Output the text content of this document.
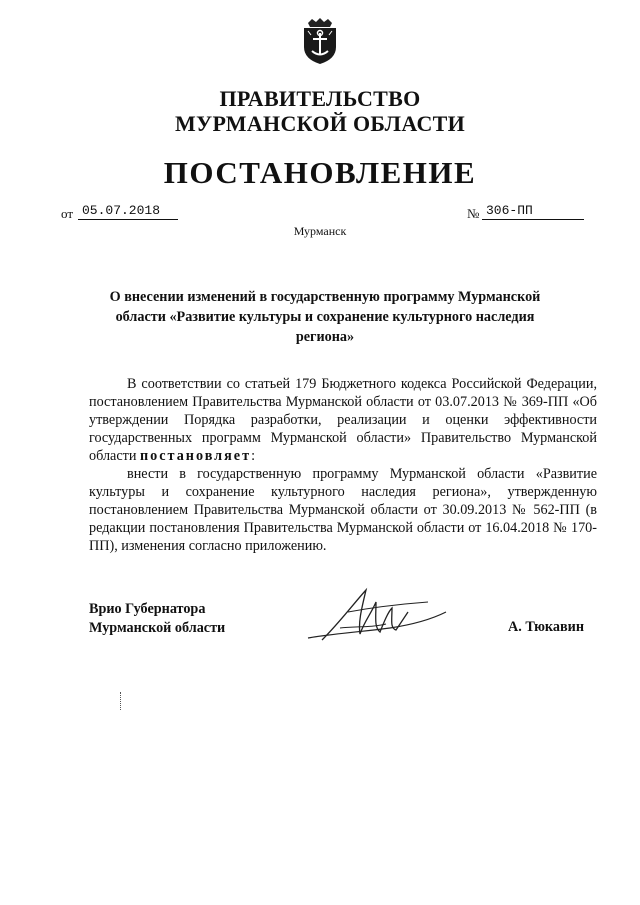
ПРАВИТЕЛЬСТВО
МУРМАНСКОЙ ОБЛАСТИ
ПОСТАНОВЛЕНИЕ
от 05.07.2018	№ 306-ПП
Мурманск
О внесении изменений в государственную программу Мурманской области «Развитие культуры и сохранение культурного наследия региона»

В соответствии со статьей 179 Бюджетного кодекса Российской Федерации, постановлением Правительства Мурманской области от 03.07.2013 № 369-ПП «Об утверждении Порядка разработки, реализации и оценки эффективности государственных программ Мурманской области» Правительство Мурманской области постановляет:

внести в государственную программу Мурманской области «Развитие культуры и сохранение культурного наследия региона», утвержденную постановлением Правительства Мурманской области от 30.09.2013 № 562-ПП (в редакции постановления Правительства Мурманской области от 16.04.2018 № 170-ПП), изменения согласно приложению.

Врио Губернатора
Мурманской области	А. Тюкавин
